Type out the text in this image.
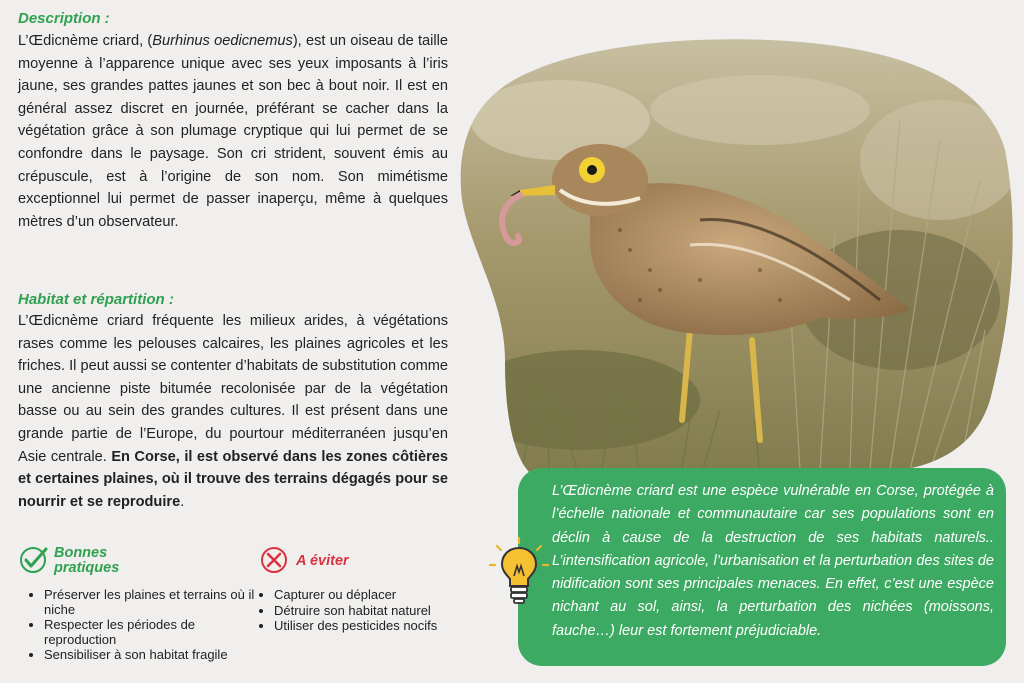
Description :

L’Œdicnème criard, (Burhinus oedicnemus), est un oiseau de taille moyenne à l’apparence unique avec ses yeux imposants à l’iris jaune, ses grandes pattes jaunes et son bec à bout noir. Il est en général assez discret en journée, préférant se cacher dans la végétation grâce à son plumage cryptique qui lui permet de se confondre dans le paysage. Son cri strident, souvent émis au crépuscule, est à l’origine de son nom. Son mimétisme exceptionnel lui permet de passer inaperçu, même à quelques mètres d’un observateur.

Habitat et répartition :

L’Œdicnème criard fréquente les milieux arides, à végétations rases comme les pelouses calcaires, les plaines agricoles et les friches. Il peut aussi se contenter d’habitats de substitution comme une ancienne piste bitumée recolonisée par de la végétation basse ou au sein des grandes cultures. Il est présent dans une grande partie de l’Europe, du pourtour méditerranéen jusqu’en Asie centrale. En Corse, il est observé dans les zones côtières et certaines plaines, où il trouve des terrains dégagés pour se nourrir et se reproduire.

L’Œdicnème criard est une espèce vulnérable en Corse, protégée à l’échelle nationale et communautaire car ses populations sont en déclin à cause de la destruction de ses habitats naturels.. L’intensification agricole, l’urbanisation et la perturbation des sites de nidification sont ses principales menaces. En effet, c’est une espèce nichant au sol, ainsi, la perturbation des nichées (moissons, fauche…) leur est fortement préjudiciable.
Bonnes pratiques
• Préserver les plaines et terrains où il niche
• Respecter les périodes de reproduction
• Sensibiliser à son habitat fragile
A éviter
• Capturer ou déplacer
• Détruire son habitat naturel
• Utiliser des pesticides nocifs
